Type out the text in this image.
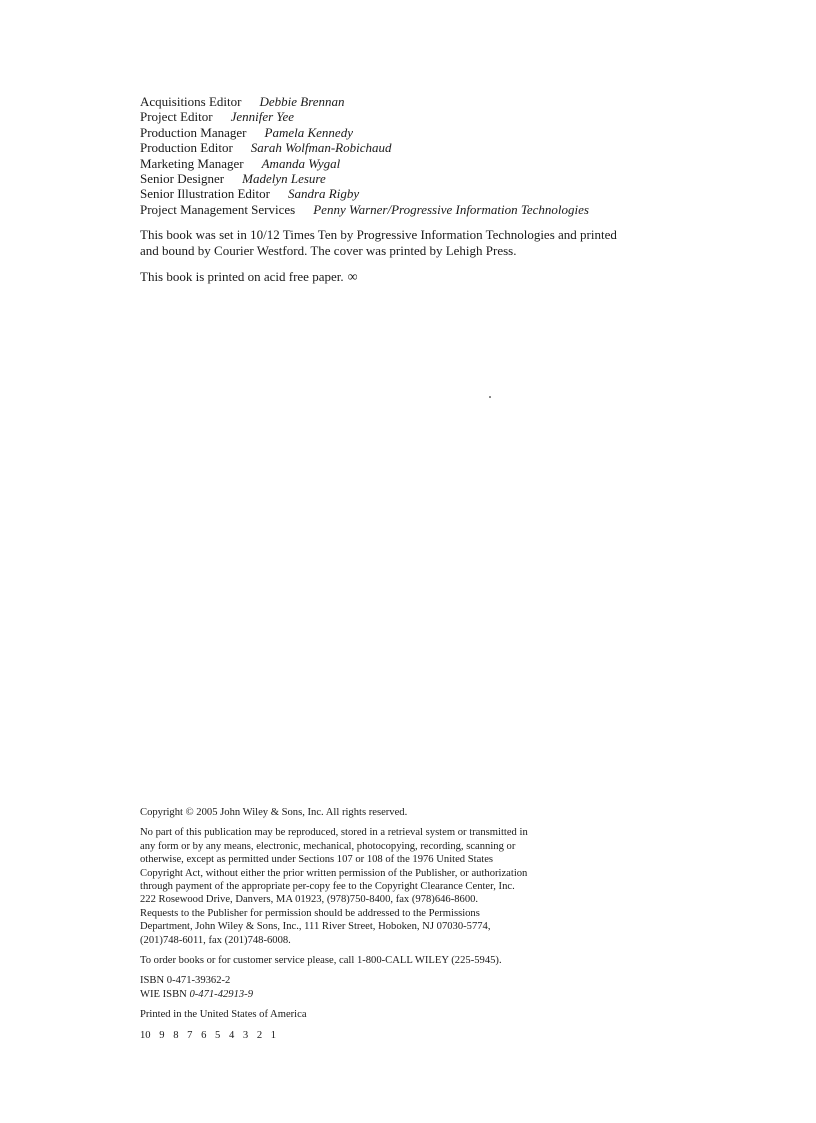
Acquisitions Editor Debbie Brennan
Project Editor Jennifer Yee
Production Manager Pamela Kennedy
Production Editor Sarah Wolfman-Robichaud
Marketing Manager Amanda Wygal
Senior Designer Madelyn Lesure
Senior Illustration Editor Sandra Rigby
Project Management Services Penny Warner/Progressive Information Technologies

This book was set in 10/12 Times Ten by Progressive Information Technologies and printed
and bound by Courier Westford. The cover was printed by Lehigh Press.

This book is printed on acid free paper. ∞

Copyright © 2005 John Wiley & Sons, Inc. All rights reserved.

No part of this publication may be reproduced, stored in a retrieval system or transmitted in
any form or by any means, electronic, mechanical, photocopying, recording, scanning or
otherwise, except as permitted under Sections 107 or 108 of the 1976 United States
Copyright Act, without either the prior written permission of the Publisher, or authorization
through payment of the appropriate per-copy fee to the Copyright Clearance Center, Inc.
222 Rosewood Drive, Danvers, MA 01923, (978)750-8400, fax (978)646-8600.
Requests to the Publisher for permission should be addressed to the Permissions
Department, John Wiley & Sons, Inc., 111 River Street, Hoboken, NJ 07030-5774,
(201)748-6011, fax (201)748-6008.

To order books or for customer service please, call 1-800-CALL WILEY (225-5945).

ISBN 0-471-39362-2
WIE ISBN 0-471-42913-9

Printed in the United States of America

10 9 8 7 6 5 4 3 2 1
